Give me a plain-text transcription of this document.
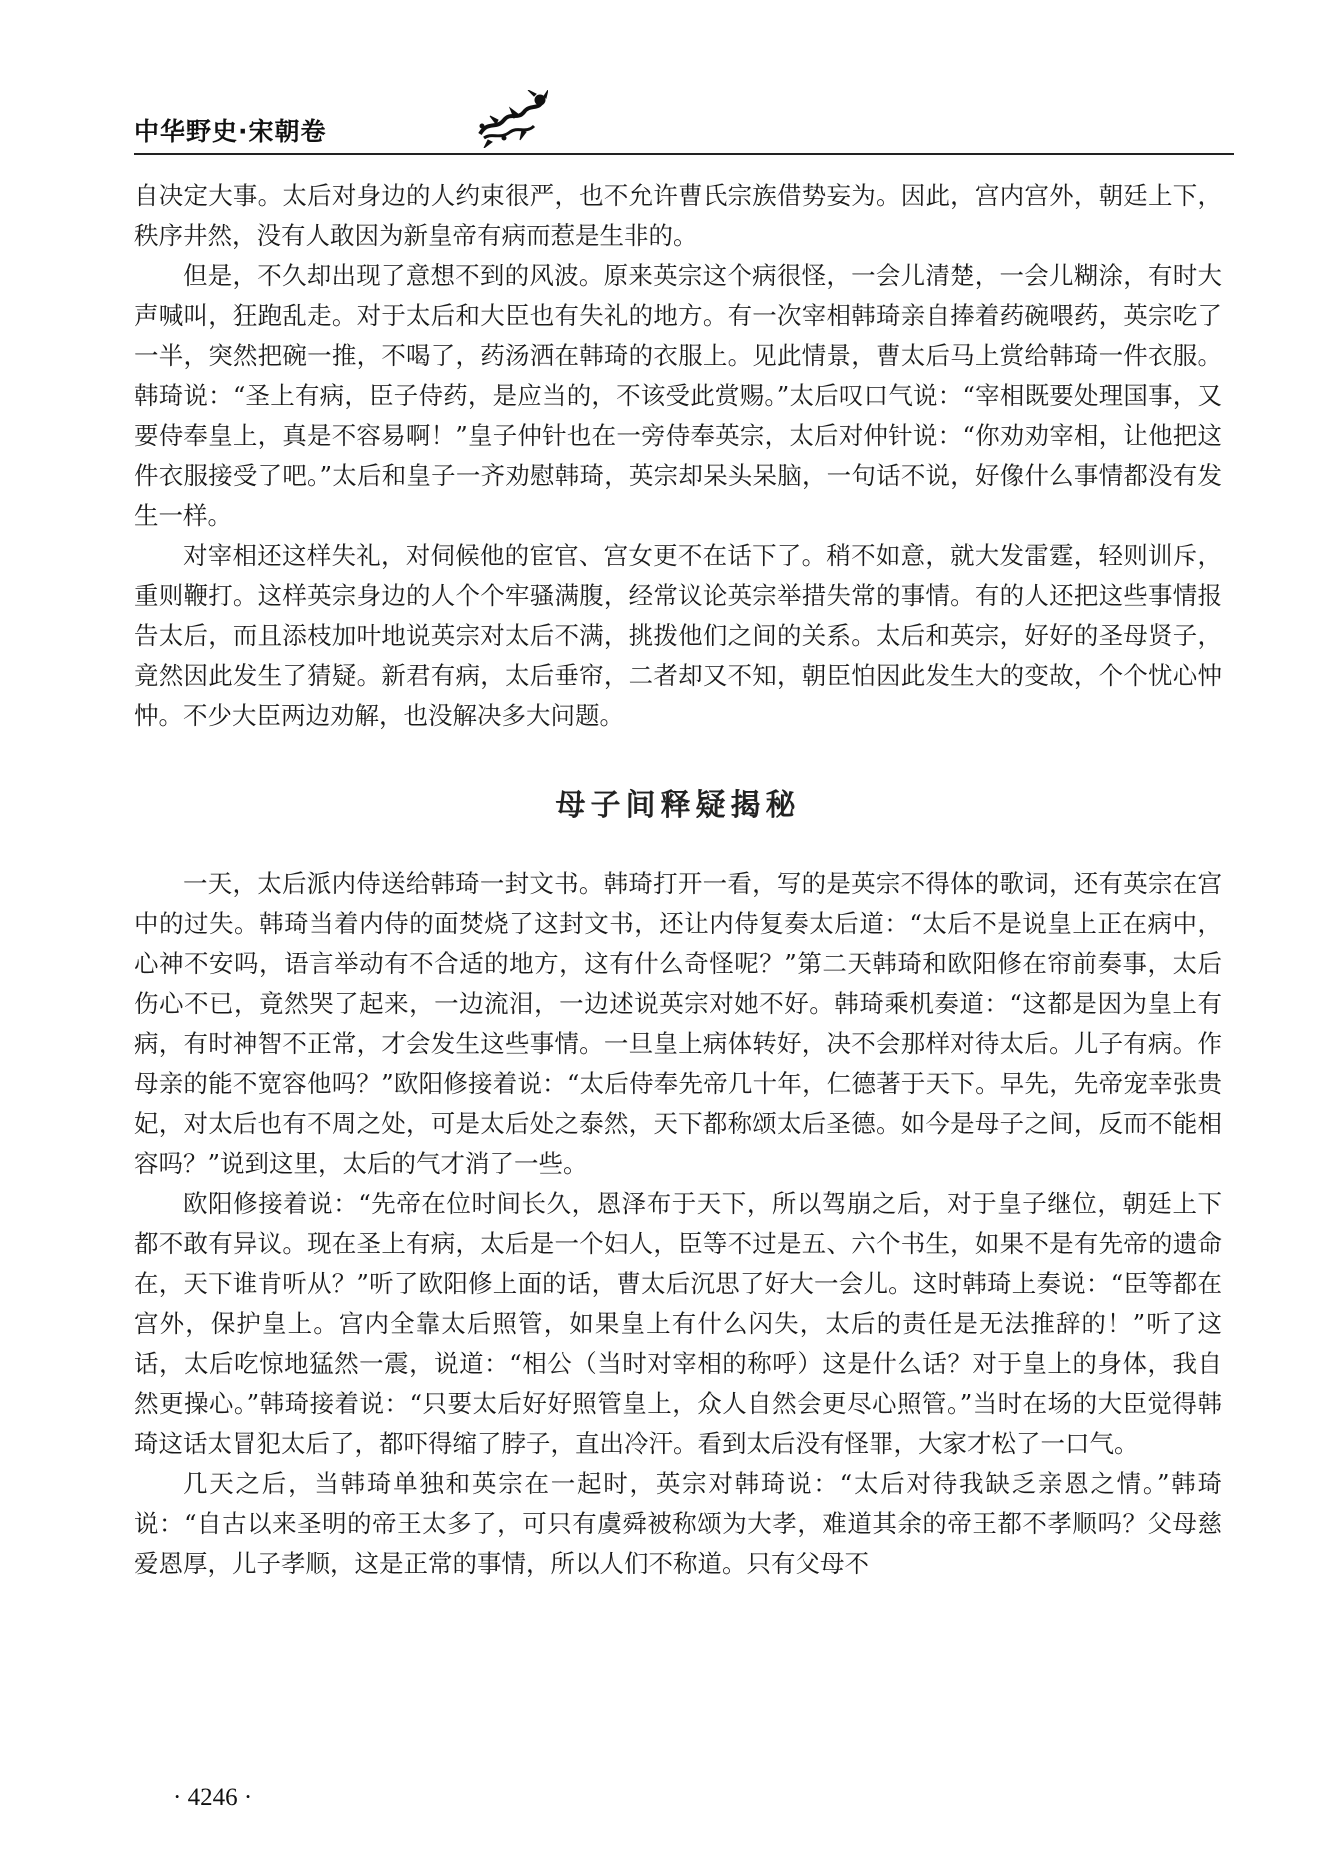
中华野史·宋朝卷

自决定大事。太后对身边的人约束很严，也不允许曹氏宗族借势妄为。因此，宫内宫外，朝廷上下，秩序井然，没有人敢因为新皇帝有病而惹是生非的。

但是，不久却出现了意想不到的风波。原来英宗这个病很怪，一会儿清楚，一会儿糊涂，有时大声喊叫，狂跑乱走。对于太后和大臣也有失礼的地方。有一次宰相韩琦亲自捧着药碗喂药，英宗吃了一半，突然把碗一推，不喝了，药汤洒在韩琦的衣服上。见此情景，曹太后马上赏给韩琦一件衣服。韩琦说：“圣上有病，臣子侍药，是应当的，不该受此赏赐。”太后叹口气说：“宰相既要处理国事，又要侍奉皇上，真是不容易啊！”皇子仲针也在一旁侍奉英宗，太后对仲针说：“你劝劝宰相，让他把这件衣服接受了吧。”太后和皇子一齐劝慰韩琦，英宗却呆头呆脑，一句话不说，好像什么事情都没有发生一样。

对宰相还这样失礼，对伺候他的宦官、宫女更不在话下了。稍不如意，就大发雷霆，轻则训斥，重则鞭打。这样英宗身边的人个个牢骚满腹，经常议论英宗举措失常的事情。有的人还把这些事情报告太后，而且添枝加叶地说英宗对太后不满，挑拨他们之间的关系。太后和英宗，好好的圣母贤子，竟然因此发生了猜疑。新君有病，太后垂帘，二者却又不知，朝臣怕因此发生大的变故，个个忧心忡忡。不少大臣两边劝解，也没解决多大问题。

母子间释疑揭秘

一天，太后派内侍送给韩琦一封文书。韩琦打开一看，写的是英宗不得体的歌词，还有英宗在宫中的过失。韩琦当着内侍的面焚烧了这封文书，还让内侍复奏太后道：“太后不是说皇上正在病中，心神不安吗，语言举动有不合适的地方，这有什么奇怪呢？”第二天韩琦和欧阳修在帘前奏事，太后伤心不已，竟然哭了起来，一边流泪，一边述说英宗对她不好。韩琦乘机奏道：“这都是因为皇上有病，有时神智不正常，才会发生这些事情。一旦皇上病体转好，决不会那样对待太后。儿子有病。作母亲的能不宽容他吗？”欧阳修接着说：“太后侍奉先帝几十年，仁德著于天下。早先，先帝宠幸张贵妃，对太后也有不周之处，可是太后处之泰然，天下都称颂太后圣德。如今是母子之间，反而不能相容吗？”说到这里，太后的气才消了一些。

欧阳修接着说：“先帝在位时间长久，恩泽布于天下，所以驾崩之后，对于皇子继位，朝廷上下都不敢有异议。现在圣上有病，太后是一个妇人，臣等不过是五、六个书生，如果不是有先帝的遗命在，天下谁肯听从？”听了欧阳修上面的话，曹太后沉思了好大一会儿。这时韩琦上奏说：“臣等都在宫外，保护皇上。宫内全靠太后照管，如果皇上有什么闪失，太后的责任是无法推辞的！”听了这话，太后吃惊地猛然一震，说道：“相公（当时对宰相的称呼）这是什么话？对于皇上的身体，我自然更操心。”韩琦接着说：“只要太后好好照管皇上，众人自然会更尽心照管。”当时在场的大臣觉得韩琦这话太冒犯太后了，都吓得缩了脖子，直出冷汗。看到太后没有怪罪，大家才松了一口气。

几天之后，当韩琦单独和英宗在一起时，英宗对韩琦说：“太后对待我缺乏亲恩之情。”韩琦说：“自古以来圣明的帝王太多了，可只有虞舜被称颂为大孝，难道其余的帝王都不孝顺吗？父母慈爱恩厚，儿子孝顺，这是正常的事情，所以人们不称道。只有父母不

· 4246 ·
